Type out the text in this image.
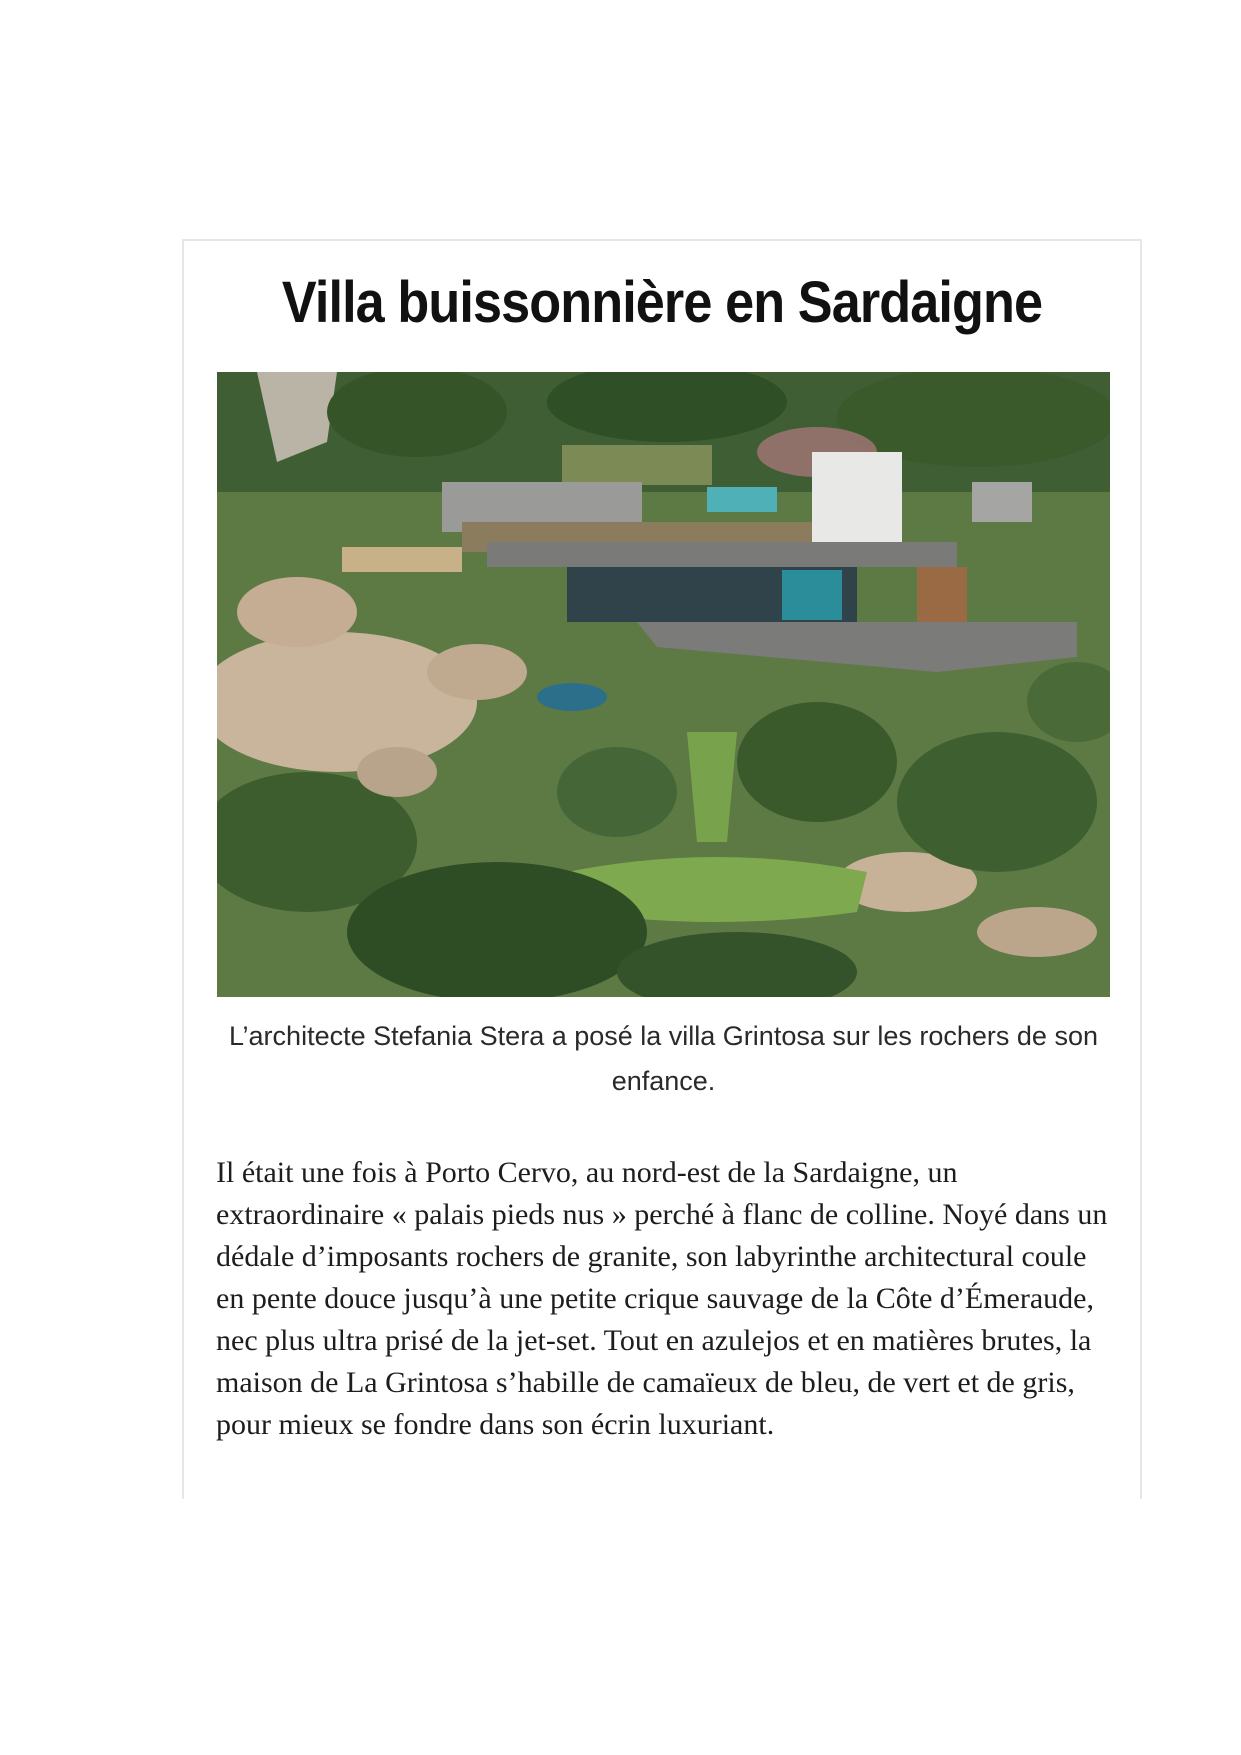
Villa buissonnière en Sardaigne

L’architecte Stefania Stera a posé la villa Grintosa sur les rochers de son enfance.

Il était une fois à Porto Cervo, au nord-est de la Sardaigne, un extraordinaire « palais pieds nus » perché à flanc de colline. Noyé dans un dédale d’imposants rochers de granite, son labyrinthe architectural coule en pente douce jusqu’à une petite crique sauvage de la Côte d’Émeraude, nec plus ultra prisé de la jet-set. Tout en azulejos et en matières brutes, la maison de La Grintosa s’habille de camaïeux de bleu, de vert et de gris, pour mieux se fondre dans son écrin luxuriant.
